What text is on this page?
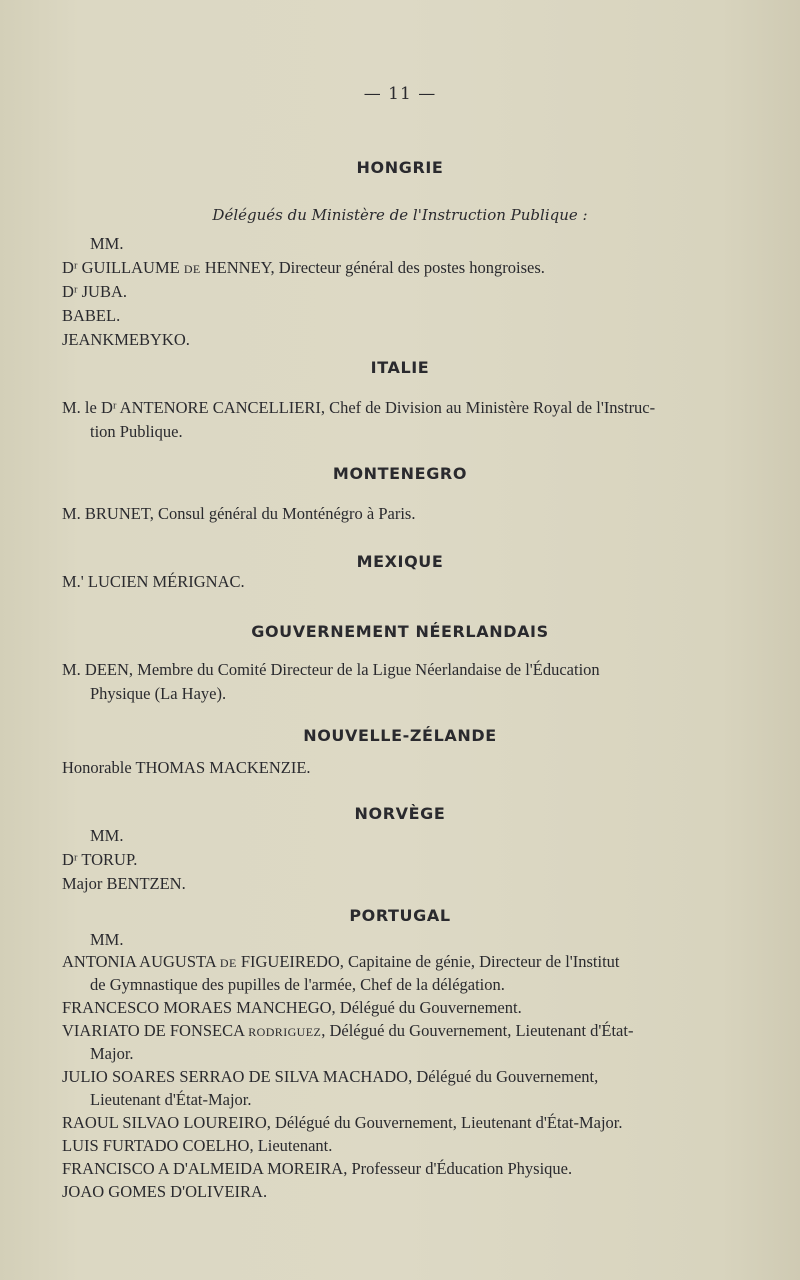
— 11 —
HONGRIE
Délégués du Ministère de l'Instruction Publique :
MM.
Dʳ GUILLAUME DE HENNEY, Directeur général des postes hongroises.
Dʳ JUBA.
BABEL.
JEANKMEBYKO.
ITALIE
M. le Dʳ ANTENORE CANCELLIERI, Chef de Division au Ministère Royal de l'Instruc-
tion Publique.
MONTENEGRO
M. BRUNET, Consul général du Monténégro à Paris.
MEXIQUE
M.' LUCIEN MÉRIGNAC.
GOUVERNEMENT NÉERLANDAIS
M. DEEN, Membre du Comité Directeur de la Ligue Néerlandaise de l'Éducation
Physique (La Haye).
NOUVELLE-ZÉLANDE
Honorable THOMAS MACKENZIE.
NORVÈGE
MM.
Dʳ TORUP.
Major BENTZEN.
PORTUGAL
MM.
ANTONIA AUGUSTA DE FIGUEIREDO, Capitaine de génie, Directeur de l'Institut
de Gymnastique des pupilles de l'armée, Chef de la délégation.
FRANCESCO MORAES MANCHEGO, Délégué du Gouvernement.
VIARIATO DE FONSECA RODRIGUEZ, Délégué du Gouvernement, Lieutenant d'État-
Major.
JULIO SOARES SERRAO DE SILVA MACHADO, Délégué du Gouvernement,
Lieutenant d'État-Major.
RAOUL SILVAO LOUREIRO, Délégué du Gouvernement, Lieutenant d'État-Major.
LUIS FURTADO COELHO, Lieutenant.
FRANCISCO A D'ALMEIDA MOREIRA, Professeur d'Éducation Physique.
JOAO GOMES D'OLIVEIRA.
